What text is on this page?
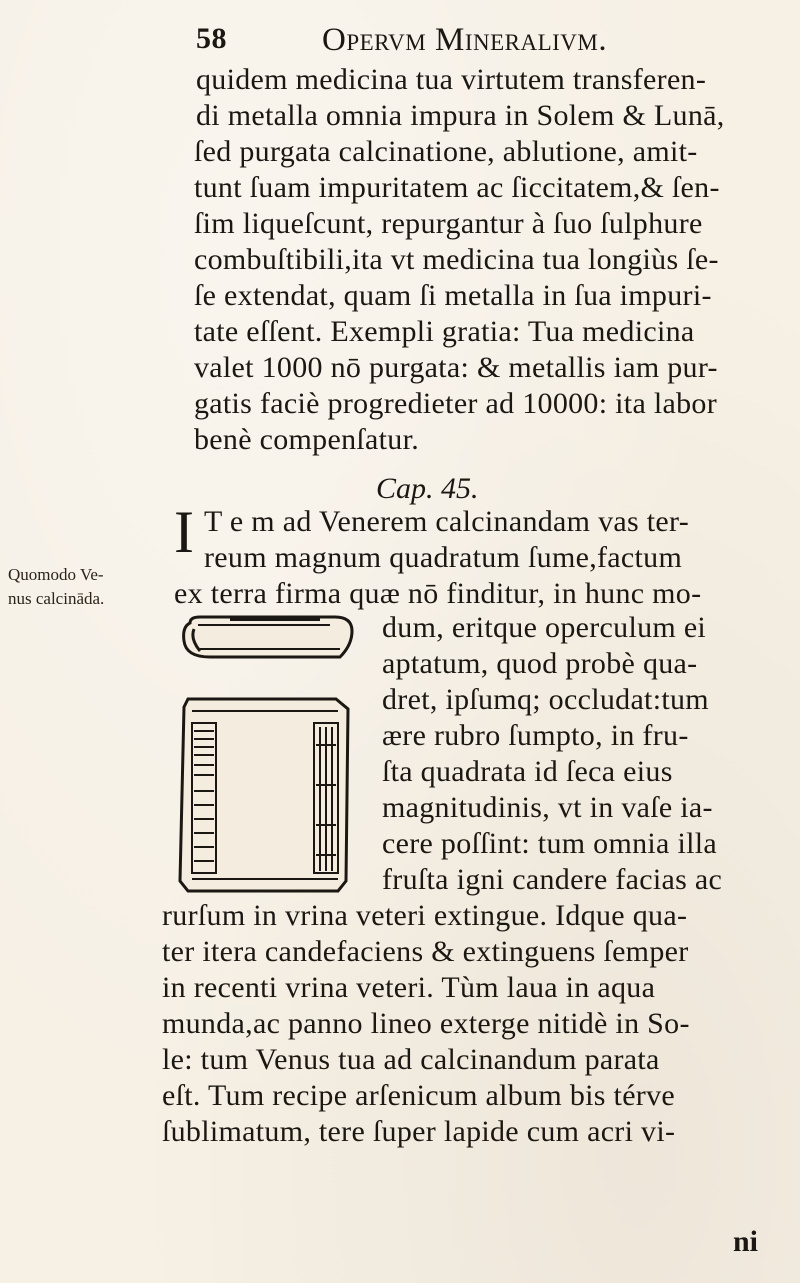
58	Opervm Mineralivm.
quidem medicina tua virtutem transferen-
di metalla omnia impura in Solem & Lunā,
ſed purgata calcinatione, ablutione, amit-
tunt ſuam impuritatem ac ſiccitatem,& ſen-
ſim liqueſcunt, repurgantur à ſuo ſulphure
combuſtibili,ita vt medicina tua longiùs ſe-
ſe extendat, quam ſi metalla in ſua impuri-
tate eſſent. Exempli gratia: Tua medicina
valet 1000 nō purgata: & metallis iam pur-
gatis faciè progredieter ad 10000: ita labor
benè compenſatur.
Cap. 45.
I T e m ad Venerem calcinandam vas ter-
reum magnum quadratum ſume,factum
ex terra firma quæ nō finditur, in hunc mo-
Quomodo Ve-
nus calcināda.
dum, eritque operculum ei
aptatum, quod probè qua-
dret, ipſumq; occludat:tum
ære rubro ſumpto, in fru-
ſta quadrata id ſeca eius
magnitudinis, vt in vaſe ia-
cere poſſint: tum omnia illa
fruſta igni candere facias ac
rurſum in vrina veteri extingue. Idque qua-
ter itera candefaciens & extinguens ſemper
in recenti vrina veteri. Tùm laua in aqua
munda,ac panno lineo exterge nitidè in So-
le: tum Venus tua ad calcinandum parata
eſt. Tum recipe arſenicum album bis térve
ſublimatum, tere ſuper lapide cum acri vi-
ni
